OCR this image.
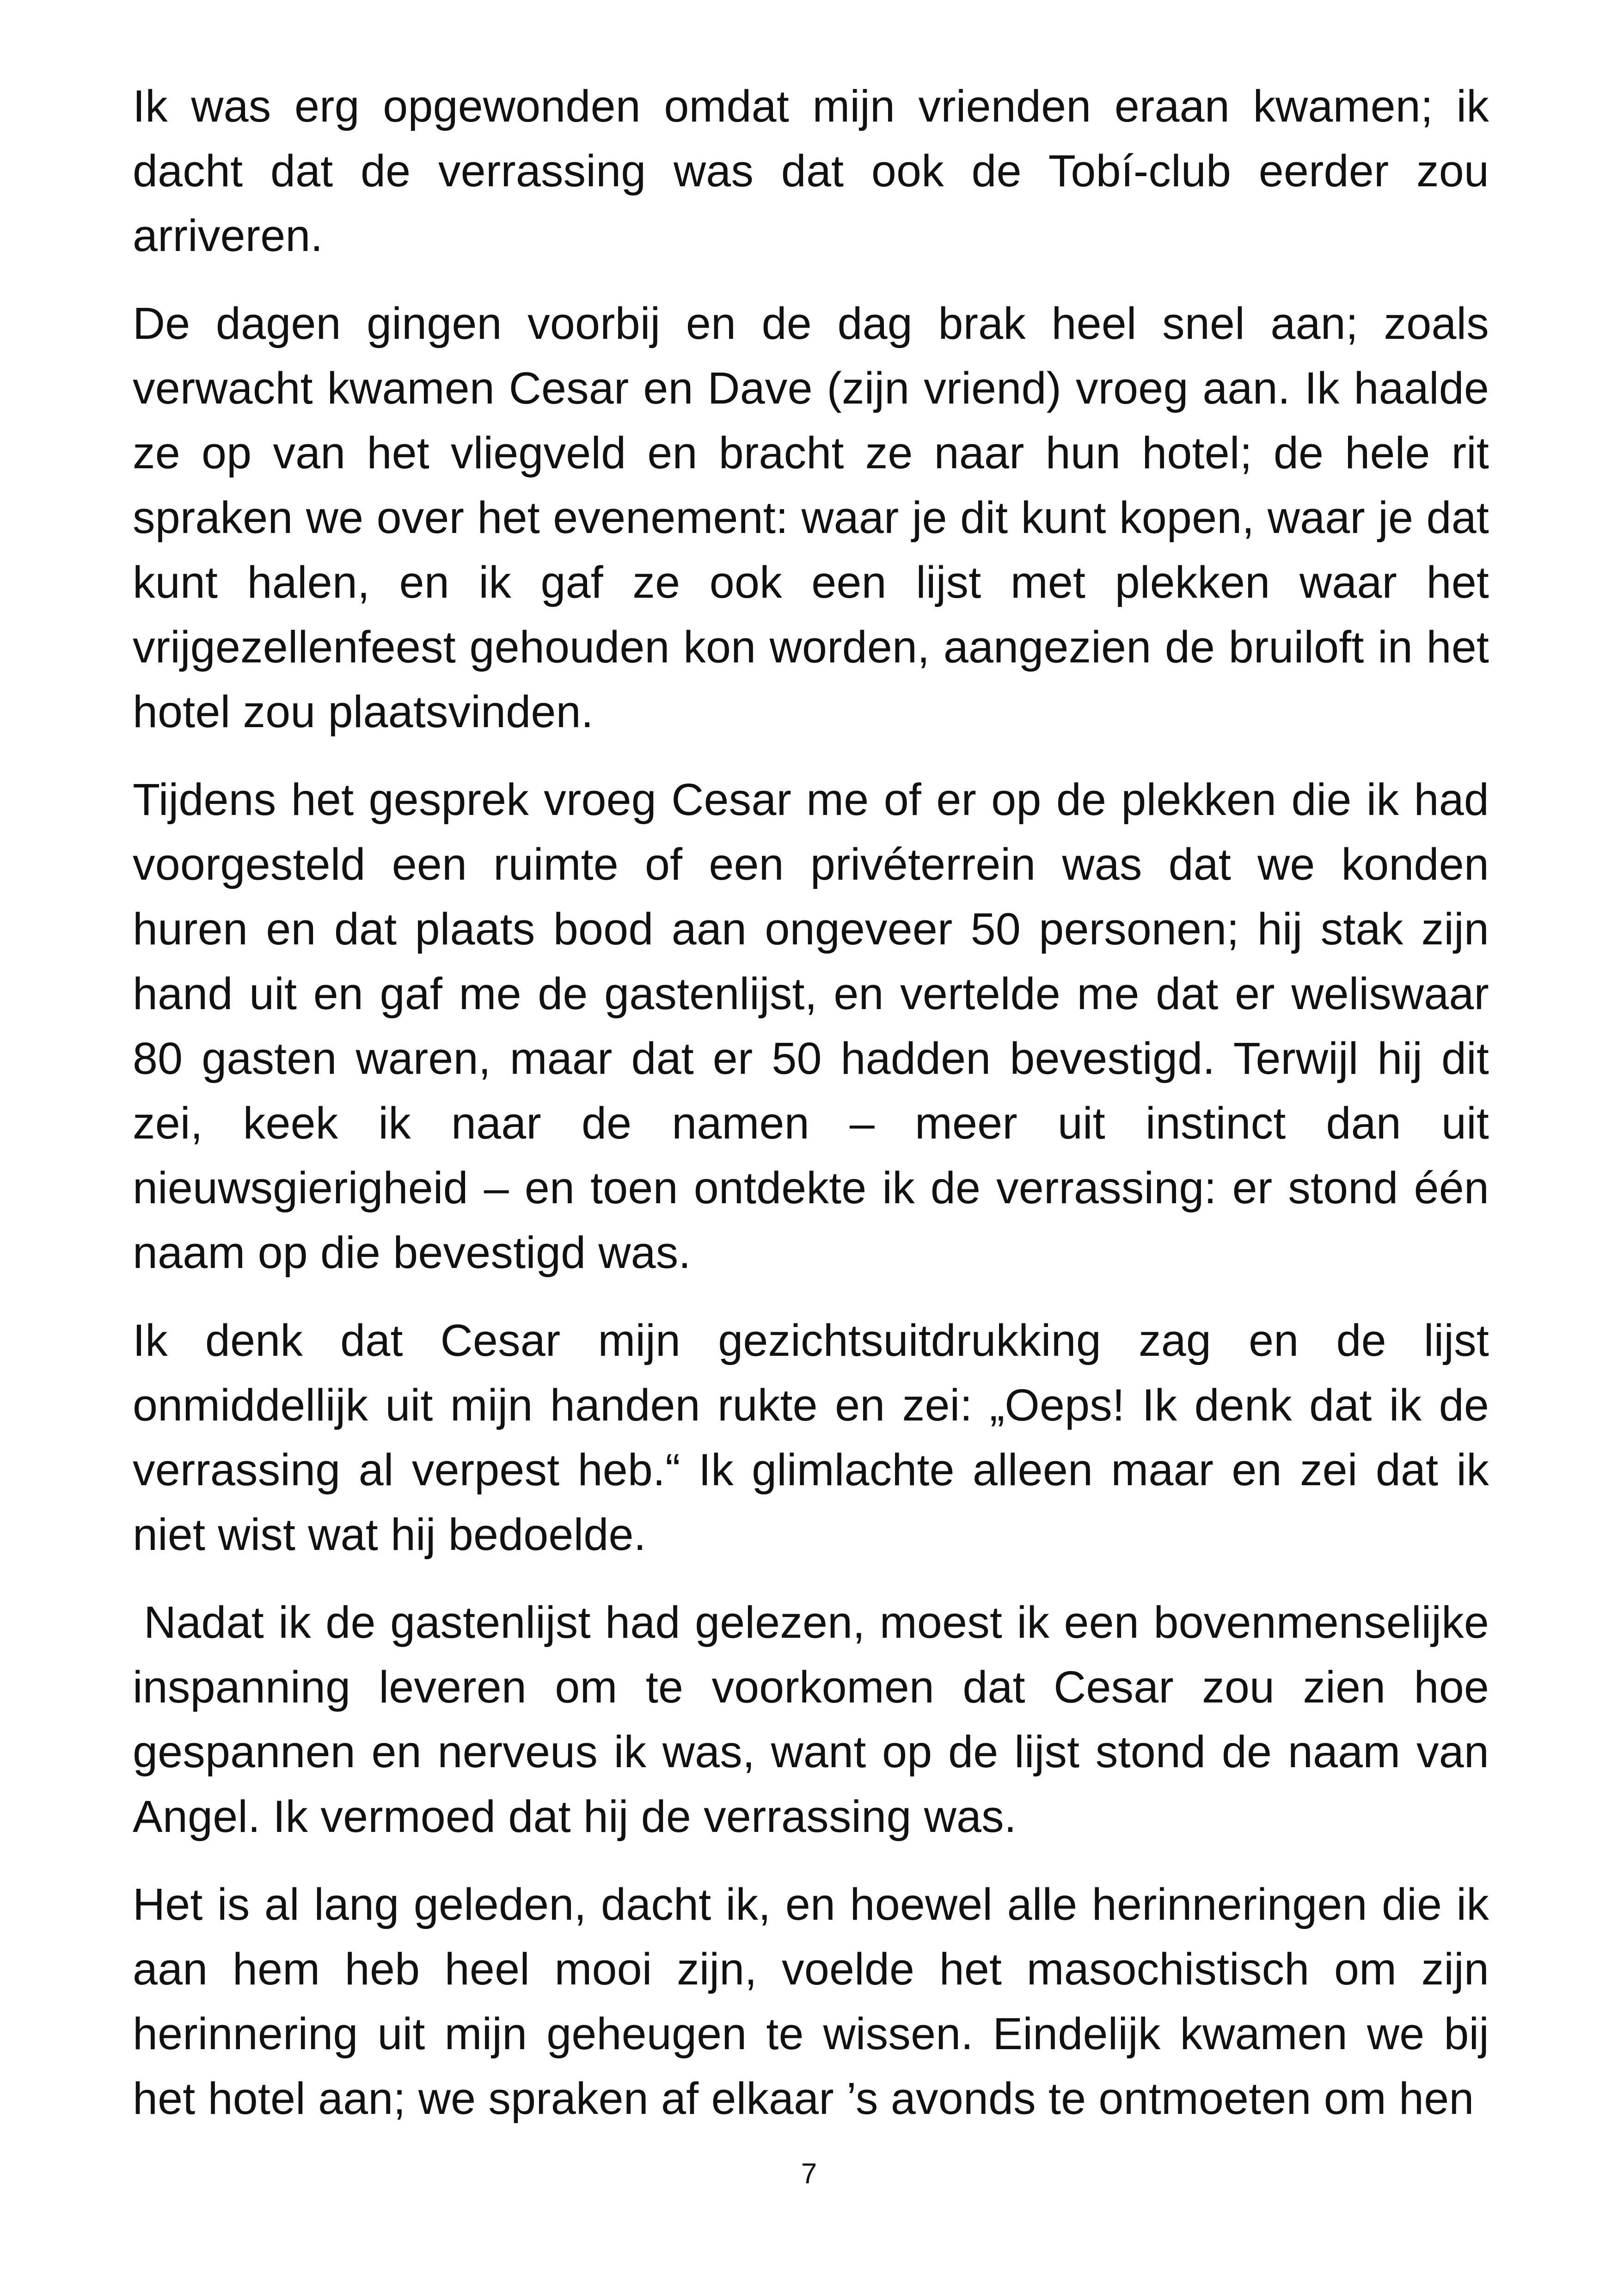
Ik was erg opgewonden omdat mijn vrienden eraan kwamen; ik dacht dat de verrassing was dat ook de Tobí-club eerder zou arriveren.

De dagen gingen voorbij en de dag brak heel snel aan; zoals verwacht kwamen Cesar en Dave (zijn vriend) vroeg aan. Ik haalde ze op van het vliegveld en bracht ze naar hun hotel; de hele rit spraken we over het evenement: waar je dit kunt kopen, waar je dat kunt halen, en ik gaf ze ook een lijst met plekken waar het vrijgezellenfeest gehouden kon worden, aangezien de bruiloft in het hotel zou plaatsvinden.

Tijdens het gesprek vroeg Cesar me of er op de plekken die ik had voorgesteld een ruimte of een privéterrein was dat we konden huren en dat plaats bood aan ongeveer 50 personen; hij stak zijn hand uit en gaf me de gastenlijst, en vertelde me dat er weliswaar 80 gasten waren, maar dat er 50 hadden bevestigd. Terwijl hij dit zei, keek ik naar de namen – meer uit instinct dan uit nieuwsgierigheid – en toen ontdekte ik de verrassing: er stond één naam op die bevestigd was.

Ik denk dat Cesar mijn gezichtsuitdrukking zag en de lijst onmiddellijk uit mijn handen rukte en zei: „Oeps! Ik denk dat ik de verrassing al verpest heb.“ Ik glimlachte alleen maar en zei dat ik niet wist wat hij bedoelde.

Nadat ik de gastenlijst had gelezen, moest ik een bovenmenselijke inspanning leveren om te voorkomen dat Cesar zou zien hoe gespannen en nerveus ik was, want op de lijst stond de naam van Angel. Ik vermoed dat hij de verrassing was.

Het is al lang geleden, dacht ik, en hoewel alle herinneringen die ik aan hem heb heel mooi zijn, voelde het masochistisch om zijn herinnering uit mijn geheugen te wissen. Eindelijk kwamen we bij het hotel aan; we spraken af elkaar ’s avonds te ontmoeten om hen

7
